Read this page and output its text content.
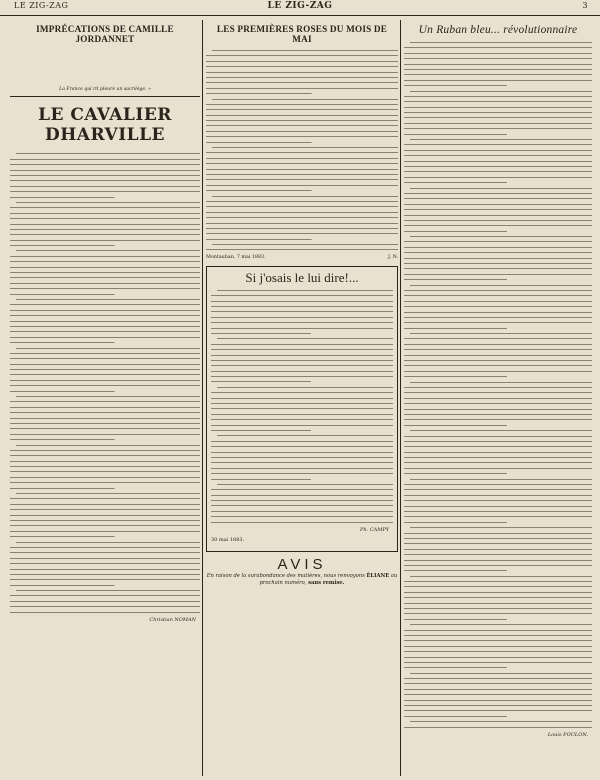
LE ZIG-ZAG	LE ZIG-ZAG	3
IMPRÉCATIONS DE CAMILLE JORDANNET

La France qui rit pleure un sacrilège. »
LE CAVALIER DHARVILLE
Christian NOMAN
LES PREMIÈRES ROSES DU MOIS DE MAI
Montauban, 7 mai 1883.	J. N.
Si j'osais le lui dire!...
Ph. CAMPY
30 mai 1883.
AVIS
En raison de la surabondance des matières, nous renvoyons ÉLIANE au prochain numéro, sans remise.
Un Ruban bleu... révolutionnaire
Louis FOULON.
